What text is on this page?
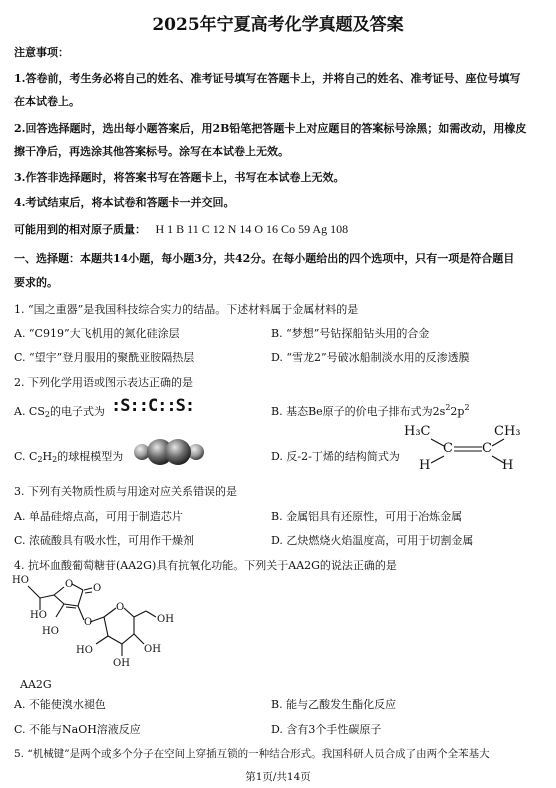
2025年宁夏高考化学真题及答案
注意事项：
1.答卷前，考生务必将自己的姓名、准考证号填写在答题卡上，并将自己的姓名、准考证号、座位号填写
在本试卷上。
2.回答选择题时，选出每小题答案后，用2B铅笔把答题卡上对应题目的答案标号涂黑；如需改动，用橡皮
擦干净后，再选涂其他答案标号。涂写在本试卷上无效。
3.作答非选择题时，将答案书写在答题卡上，书写在本试卷上无效。
4.考试结束后，将本试卷和答题卡一并交回。
可能用到的相对原子质量： H 1 B 11 C 12 N 14 O 16 Co 59 Ag 108
一、选择题：本题共14小题，每小题3分，共42分。在每小题给出的四个选项中，只有一项是符合题目
要求的。
1. “国之重器”是我国科技综合实力的结晶。下述材料属于金属材料的是
A. “C919”大飞机用的氮化硅涂层	B. “梦想”号钻探船钻头用的合金
C. “望宇”登月服用的聚酰亚胺隔热层	D. “雪龙2”号破冰船制淡水用的反渗透膜
2. 下列化学用语或图示表达正确的是
A. $CS_2$的电子式为 :S::C::S:	B. 基态Be原子的价电子排布式为$2s^22p^2$
C. $C_2H_2$的球棍模型为	D. 反-2-丁烯的结构简式为
H₃C	CH₃
C C
H	H
3. 下列有关物质性质与用途对应关系错误的是
A. 单晶硅熔点高，可用于制造芯片	B. 金属铝具有还原性，可用于冶炼金属
C. 浓硫酸具有吸水性，可用作干燥剂	D. 乙炔燃烧火焰温度高，可用于切割金属
4. 抗坏血酸葡萄糖苷(AA2G)具有抗氧化功能。下列关于AA2G的说法正确的是
HO
HO
O O
HO
O
O
OH
HO	OH
OH
AA2G
A. 不能使溴水褪色	B. 能与乙酸发生酯化反应
C. 不能与NaOH溶液反应	D. 含有3个手性碳原子
5. “机械键”是两个或多个分子在空间上穿插互锁的一种结合形式。我国科研人员合成了由两个全苯基大
第1页/共14页
